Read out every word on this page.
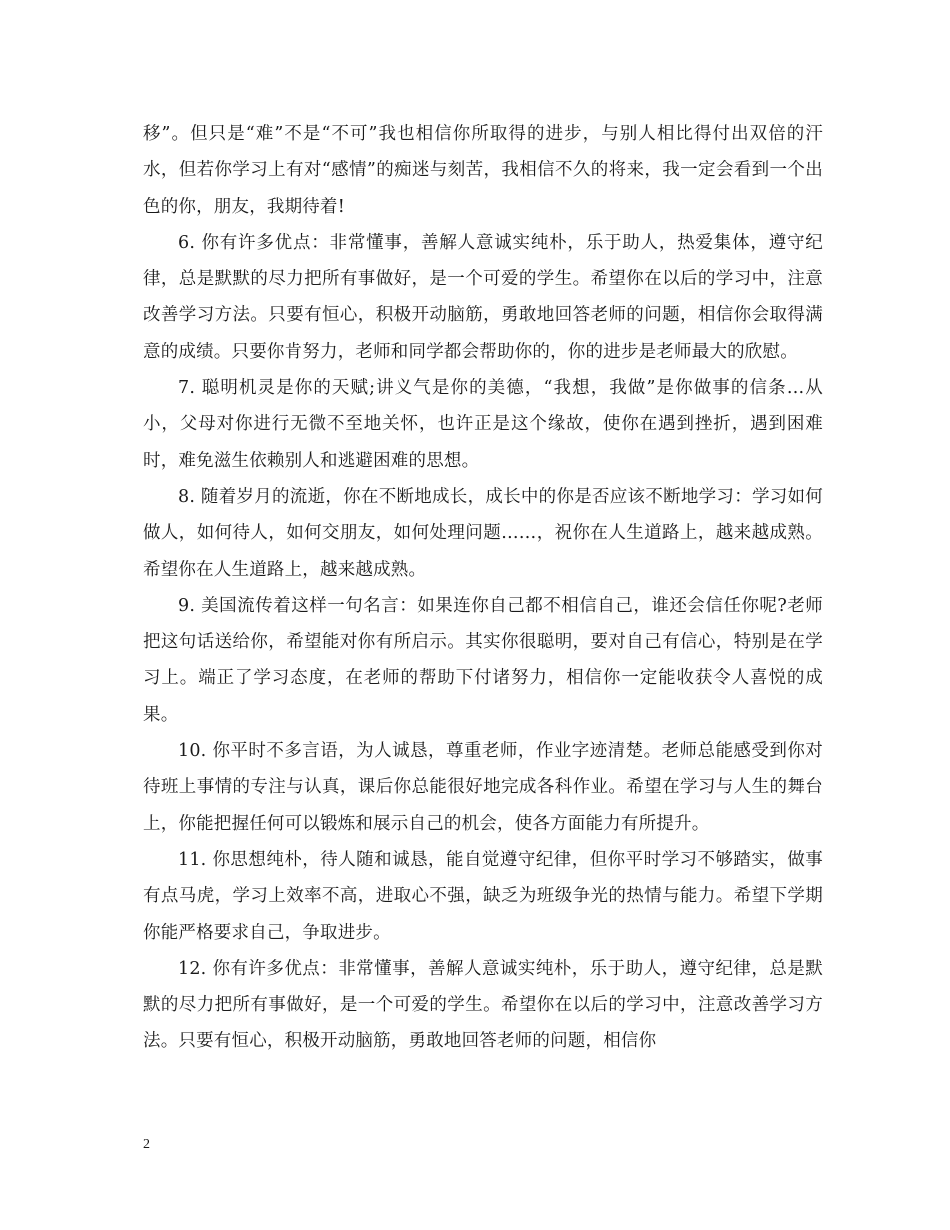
移”。但只是“难”不是“不可”我也相信你所取得的进步，与别人相比得付出双倍的汗水，但若你学习上有对“感情”的痴迷与刻苦，我相信不久的将来，我一定会看到一个出色的你，朋友，我期待着!

6. 你有许多优点：非常懂事，善解人意诚实纯朴，乐于助人，热爱集体，遵守纪律，总是默默的尽力把所有事做好，是一个可爱的学生。希望你在以后的学习中，注意改善学习方法。只要有恒心，积极开动脑筋，勇敢地回答老师的问题，相信你会取得满意的成绩。只要你肯努力，老师和同学都会帮助你的，你的进步是老师最大的欣慰。

7. 聪明机灵是你的天赋;讲义气是你的美德，“我想，我做”是你做事的信条…从小，父母对你进行无微不至地关怀，也许正是这个缘故，使你在遇到挫折，遇到困难时，难免滋生依赖别人和逃避困难的思想。

8. 随着岁月的流逝，你在不断地成长，成长中的你是否应该不断地学习：学习如何做人，如何待人，如何交朋友，如何处理问题……，祝你在人生道路上，越来越成熟。希望你在人生道路上，越来越成熟。

9. 美国流传着这样一句名言：如果连你自己都不相信自己，谁还会信任你呢?老师把这句话送给你，希望能对你有所启示。其实你很聪明，要对自己有信心，特别是在学习上。端正了学习态度，在老师的帮助下付诸努力，相信你一定能收获令人喜悦的成果。

10. 你平时不多言语，为人诚恳，尊重老师，作业字迹清楚。老师总能感受到你对待班上事情的专注与认真，课后你总能很好地完成各科作业。希望在学习与人生的舞台上，你能把握任何可以锻炼和展示自己的机会，使各方面能力有所提升。

11. 你思想纯朴，待人随和诚恳，能自觉遵守纪律，但你平时学习不够踏实，做事有点马虎，学习上效率不高，进取心不强，缺乏为班级争光的热情与能力。希望下学期你能严格要求自己，争取进步。

12. 你有许多优点：非常懂事，善解人意诚实纯朴，乐于助人，遵守纪律，总是默默的尽力把所有事做好，是一个可爱的学生。希望你在以后的学习中，注意改善学习方法。只要有恒心，积极开动脑筋，勇敢地回答老师的问题，相信你

2
